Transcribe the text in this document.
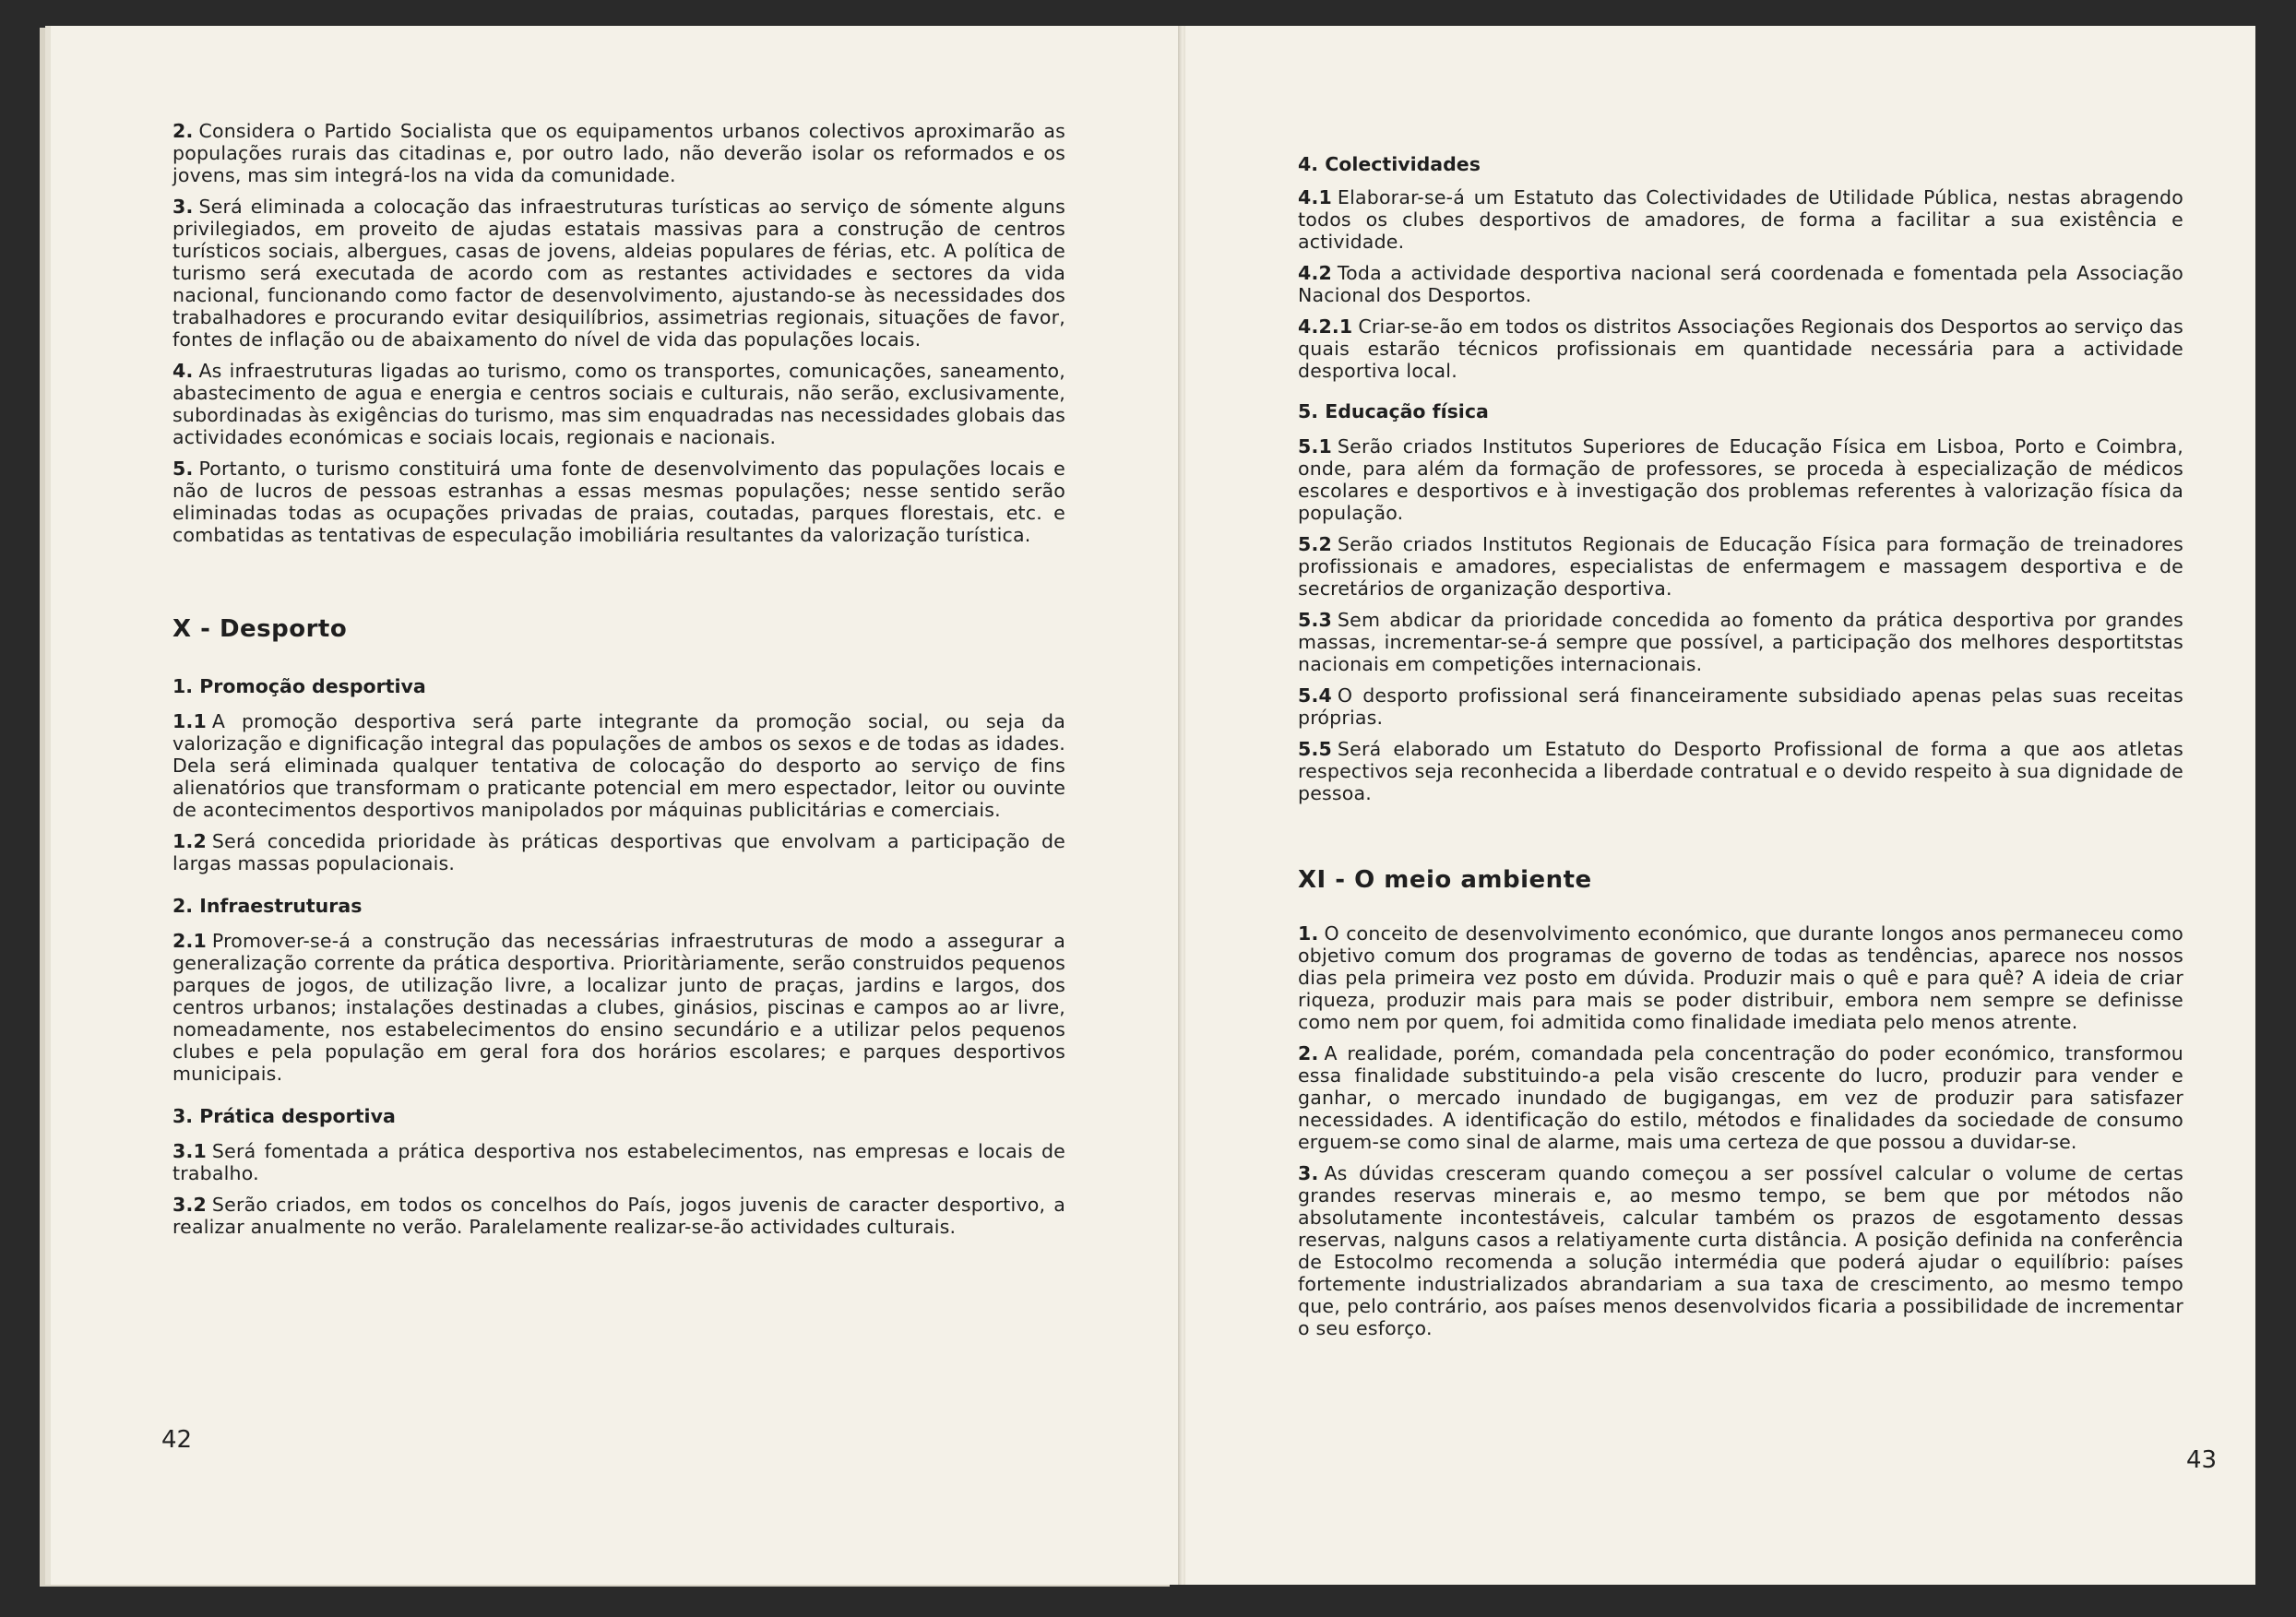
2. Considera o Partido Socialista que os equipamentos urbanos colectivos aproximarão as populações rurais das citadinas e, por outro lado, não deverão isolar os reformados e os jovens, mas sim integrá-los na vida da comunidade.

3. Será eliminada a colocação das infraestruturas turísticas ao serviço de sómente alguns privilegiados, em proveito de ajudas estatais massivas para a construção de centros turísticos sociais, albergues, casas de jovens, aldeias populares de férias, etc. A política de turismo será executada de acordo com as restantes actividades e sectores da vida nacional, funcionando como factor de desenvolvimento, ajustando-se às necessidades dos trabalhadores e procurando evitar desiquilíbrios, assimetrias regionais, situações de favor, fontes de inflação ou de abaixamento do nível de vida das populações locais.

4. As infraestruturas ligadas ao turismo, como os transportes, comunicações, saneamento, abastecimento de agua e energia e centros sociais e culturais, não serão, exclusivamente, subordinadas às exigências do turismo, mas sim enquadradas nas necessidades globais das actividades económicas e sociais locais, regionais e nacionais.

5. Portanto, o turismo constituirá uma fonte de desenvolvimento das populações locais e não de lucros de pessoas estranhas a essas mesmas populações; nesse sentido serão eliminadas todas as ocupações privadas de praias, coutadas, parques florestais, etc. e combatidas as tentativas de especulação imobiliária resultantes da valorização turística.

X - Desporto
1. Promoção desportiva

1.1 A promoção desportiva será parte integrante da promoção social, ou seja da valorização e dignificação integral das populações de ambos os sexos e de todas as idades. Dela será eliminada qualquer tentativa de colocação do desporto ao serviço de fins alienatórios que transformam o praticante potencial em mero espectador, leitor ou ouvinte de acontecimentos desportivos manipolados por máquinas publicitárias e comerciais.

1.2 Será concedida prioridade às práticas desportivas que envolvam a participação de largas massas populacionais.

2. Infraestruturas

2.1 Promover-se-á a construção das necessárias infraestruturas de modo a assegurar a generalização corrente da prática desportiva. Prioritàriamente, serão construidos pequenos parques de jogos, de utilização livre, a localizar junto de praças, jardins e largos, dos centros urbanos; instalações destinadas a clubes, ginásios, piscinas e campos ao ar livre, nomeadamente, nos estabelecimentos do ensino secundário e a utilizar pelos pequenos clubes e pela população em geral fora dos horários escolares; e parques desportivos municipais.

3. Prática desportiva

3.1 Será fomentada a prática desportiva nos estabelecimentos, nas empresas e locais de trabalho.

3.2 Serão criados, em todos os concelhos do País, jogos juvenis de caracter desportivo, a realizar anualmente no verão. Paralelamente realizar-se-ão actividades culturais.

42
4. Colectividades

4.1 Elaborar-se-á um Estatuto das Colectividades de Utilidade Pública, nestas abragendo todos os clubes desportivos de amadores, de forma a facilitar a sua existência e actividade.

4.2 Toda a actividade desportiva nacional será coordenada e fomentada pela Associação Nacional dos Desportos.

4.2.1 Criar-se-ão em todos os distritos Associações Regionais dos Desportos ao serviço das quais estarão técnicos profissionais em quantidade necessária para a actividade desportiva local.

5. Educação física

5.1 Serão criados Institutos Superiores de Educação Física em Lisboa, Porto e Coimbra, onde, para além da formação de professores, se proceda à especialização de médicos escolares e desportivos e à investigação dos problemas referentes à valorização física da população.

5.2 Serão criados Institutos Regionais de Educação Física para formação de treinadores profissionais e amadores, especialistas de enfermagem e massagem desportiva e de secretários de organização desportiva.

5.3 Sem abdicar da prioridade concedida ao fomento da prática desportiva por grandes massas, incrementar-se-á sempre que possível, a participação dos melhores desportitstas nacionais em competições internacionais.

5.4 O desporto profissional será financeiramente subsidiado apenas pelas suas receitas próprias.

5.5 Será elaborado um Estatuto do Desporto Profissional de forma a que aos atletas respectivos seja reconhecida a liberdade contratual e o devido respeito à sua dignidade de pessoa.

XI - O meio ambiente

1. O conceito de desenvolvimento económico, que durante longos anos permaneceu como objetivo comum dos programas de governo de todas as tendências, aparece nos nossos dias pela primeira vez posto em dúvida. Produzir mais o quê e para quê? A ideia de criar riqueza, produzir mais para mais se poder distribuir, embora nem sempre se definisse como nem por quem, foi admitida como finalidade imediata pelo menos atrente.

2. A realidade, porém, comandada pela concentração do poder económico, transformou essa finalidade substituindo-a pela visão crescente do lucro, produzir para vender e ganhar, o mercado inundado de bugigangas, em vez de produzir para satisfazer necessidades. A identificação do estilo, métodos e finalidades da sociedade de consumo erguem-se como sinal de alarme, mais uma certeza de que possou a duvidar-se.

3. As dúvidas cresceram quando começou a ser possível calcular o volume de certas grandes reservas minerais e, ao mesmo tempo, se bem que por métodos não absolutamente incontestáveis, calcular também os prazos de esgotamento dessas reservas, nalguns casos a relatiyamente curta distância. A posição definida na conferência de Estocolmo recomenda a solução intermédia que poderá ajudar o equilíbrio: países fortemente industrializados abrandariam a sua taxa de crescimento, ao mesmo tempo que, pelo contrário, aos países menos desenvolvidos ficaria a possibilidade de incrementar o seu esforço.

43
